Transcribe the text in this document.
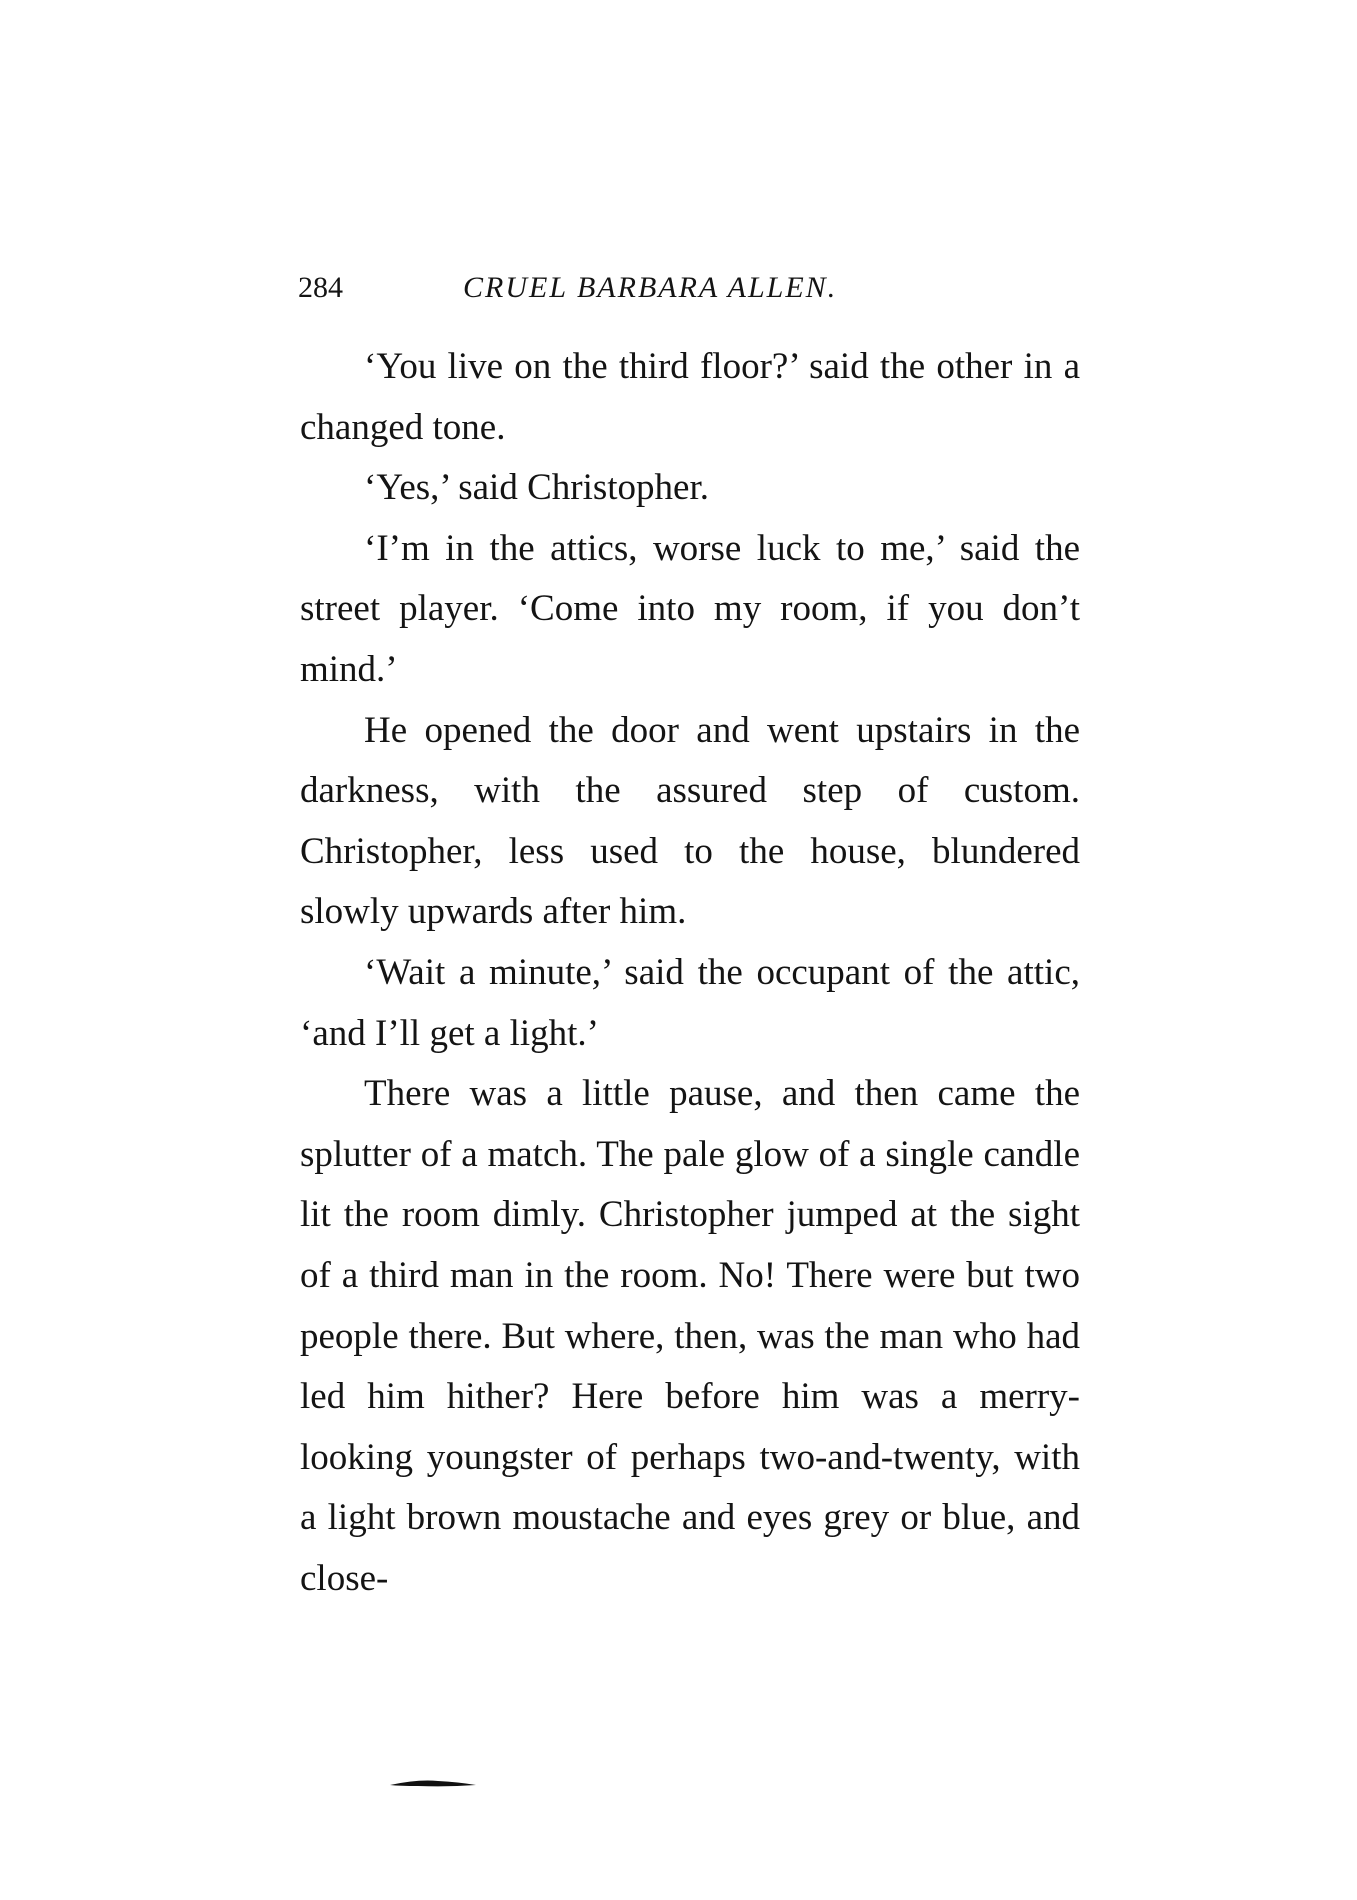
284	CRUEL BARBARA ALLEN.

‘You live on the third floor?’ said the other in a changed tone.

‘Yes,’ said Christopher.

‘I’m in the attics, worse luck to me,’ said the street player. ‘Come into my room, if you don’t mind.’

He opened the door and went upstairs in the darkness, with the assured step of custom. Christopher, less used to the house, blundered slowly upwards after him.

‘Wait a minute,’ said the occupant of the attic, ‘and I’ll get a light.’

There was a little pause, and then came the splutter of a match. The pale glow of a single candle lit the room dimly. Christopher jumped at the sight of a third man in the room. No! There were but two people there. But where, then, was the man who had led him hither? Here before him was a merry-looking youngster of perhaps two-and-twenty, with a light brown moustache and eyes grey or blue, and close-
